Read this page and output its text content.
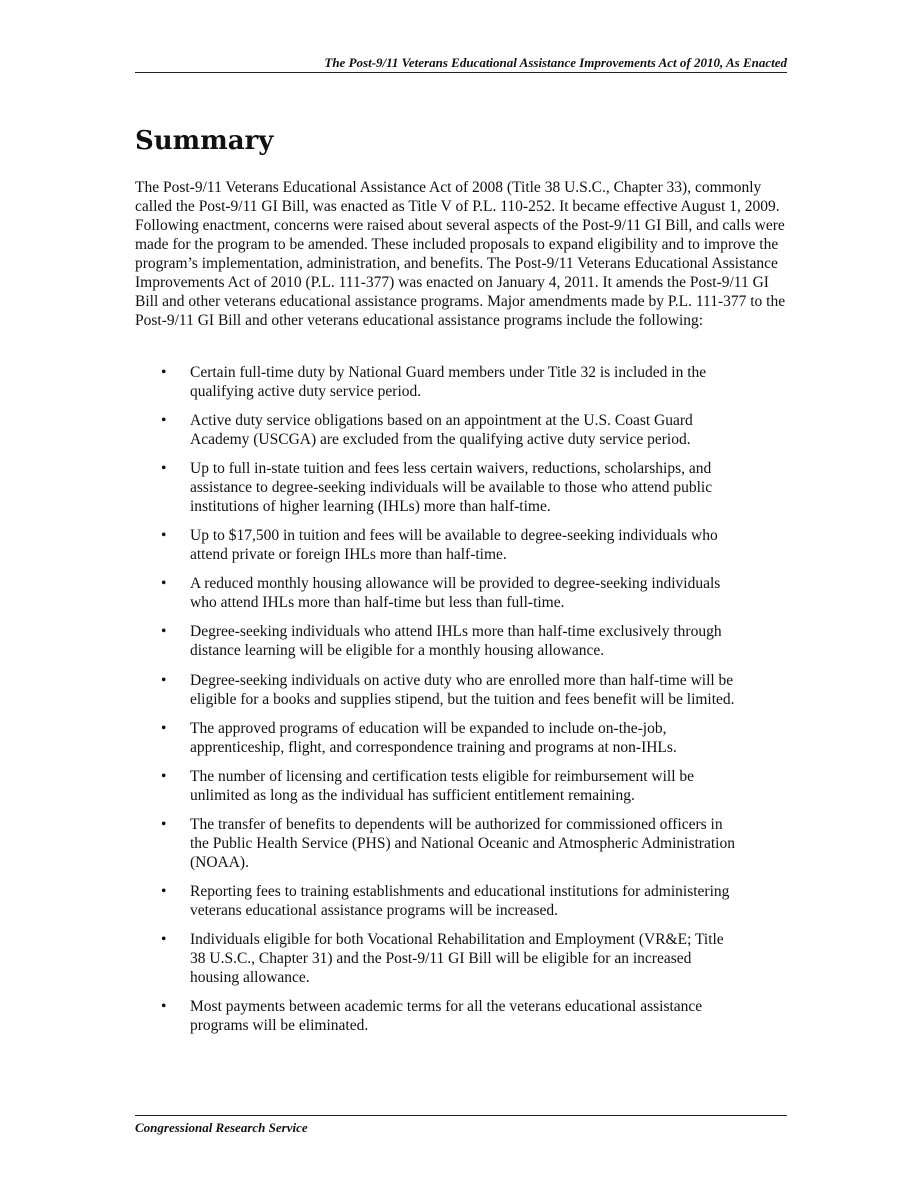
The Post-9/11 Veterans Educational Assistance Improvements Act of 2010, As Enacted
Summary

The Post-9/11 Veterans Educational Assistance Act of 2008 (Title 38 U.S.C., Chapter 33), commonly called the Post-9/11 GI Bill, was enacted as Title V of P.L. 110-252. It became effective August 1, 2009. Following enactment, concerns were raised about several aspects of the Post-9/11 GI Bill, and calls were made for the program to be amended. These included proposals to expand eligibility and to improve the program’s implementation, administration, and benefits. The Post-9/11 Veterans Educational Assistance Improvements Act of 2010 (P.L. 111-377) was enacted on January 4, 2011. It amends the Post-9/11 GI Bill and other veterans educational assistance programs. Major amendments made by P.L. 111-377 to the Post-9/11 GI Bill and other veterans educational assistance programs include the following:

• Certain full-time duty by National Guard members under Title 32 is included in the qualifying active duty service period.
• Active duty service obligations based on an appointment at the U.S. Coast Guard Academy (USCGA) are excluded from the qualifying active duty service period.
• Up to full in-state tuition and fees less certain waivers, reductions, scholarships, and assistance to degree-seeking individuals will be available to those who attend public institutions of higher learning (IHLs) more than half-time.
• Up to $17,500 in tuition and fees will be available to degree-seeking individuals who attend private or foreign IHLs more than half-time.
• A reduced monthly housing allowance will be provided to degree-seeking individuals who attend IHLs more than half-time but less than full-time.
• Degree-seeking individuals who attend IHLs more than half-time exclusively through distance learning will be eligible for a monthly housing allowance.
• Degree-seeking individuals on active duty who are enrolled more than half-time will be eligible for a books and supplies stipend, but the tuition and fees benefit will be limited.
• The approved programs of education will be expanded to include on-the-job, apprenticeship, flight, and correspondence training and programs at non-IHLs.
• The number of licensing and certification tests eligible for reimbursement will be unlimited as long as the individual has sufficient entitlement remaining.
• The transfer of benefits to dependents will be authorized for commissioned officers in the Public Health Service (PHS) and National Oceanic and Atmospheric Administration (NOAA).
• Reporting fees to training establishments and educational institutions for administering veterans educational assistance programs will be increased.
• Individuals eligible for both Vocational Rehabilitation and Employment (VR&E; Title 38 U.S.C., Chapter 31) and the Post-9/11 GI Bill will be eligible for an increased housing allowance.
• Most payments between academic terms for all the veterans educational assistance programs will be eliminated.
Congressional Research Service
